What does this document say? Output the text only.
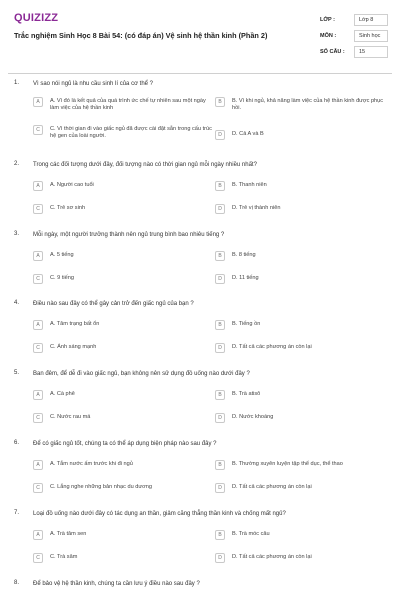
QUIZIZZ
Trắc nghiệm Sinh Học 8 Bài 54: (có đáp án) Vệ sinh hệ thần kinh (Phần 2)
LỚP :	Lớp 8
MÔN :	Sinh học
SỐ CÂU :	15
1. Vì sao nói ngủ là nhu cầu sinh lí của cơ thể ?
A	A. Vì đó là kết quả của quá trình ức chế tự nhiên sau một ngày làm việc của hệ thần kinh
B	B. Vì khi ngủ, khả năng làm việc của hệ thần kinh được phục hồi.
C	C. Vì thời gian đi vào giấc ngủ đã được cài đặt sẵn trong cấu trúc hệ gen của loài người.	D	D. Cả A và B
2. Trong các đối tượng dưới đây, đối tượng nào có thời gian ngủ mỗi ngày nhiều nhất?
A	A. Người cao tuổi	B	B. Thanh niên
C	C. Trẻ sơ sinh	D	D. Trẻ vị thành niên
3. Mỗi ngày, một người trưởng thành nên ngủ trung bình bao nhiêu tiếng ?
A	A. 5 tiếng	B	B. 8 tiếng
C	C. 9 tiếng	D	D. 11 tiếng
4. Điều nào sau đây có thể gây cản trở đến giấc ngủ của bạn ?
A	A. Tâm trạng bất ổn	B	B. Tiếng ồn
C	C. Ánh sáng mạnh	D	D. Tất cả các phương án còn lại
5. Ban đêm, để dễ đi vào giấc ngủ, bạn không nên sử dụng đồ uống nào dưới đây ?
A	A. Cà phê	B	B. Trà atisô
C	C. Nước rau má	D	D. Nước khoáng
6. Để có giấc ngủ tốt, chúng ta có thể áp dụng biện pháp nào sau đây ?
A	A. Tắm nước ấm trước khi đi ngủ	B	B. Thường xuyên luyện tập thể dục, thể thao
C	C. Lắng nghe những bản nhạc du dương	D	D. Tất cả các phương án còn lại
7. Loại đồ uống nào dưới đây có tác dụng an thần, giảm căng thẳng thần kinh và chống mất ngủ?
A	A. Trà tâm sen	B	B. Trà móc câu
C	C. Trà sâm	D	D. Tất cả các phương án còn lại
8. Để bảo vệ hệ thần kinh, chúng ta cần lưu ý điều nào sau đây ?
